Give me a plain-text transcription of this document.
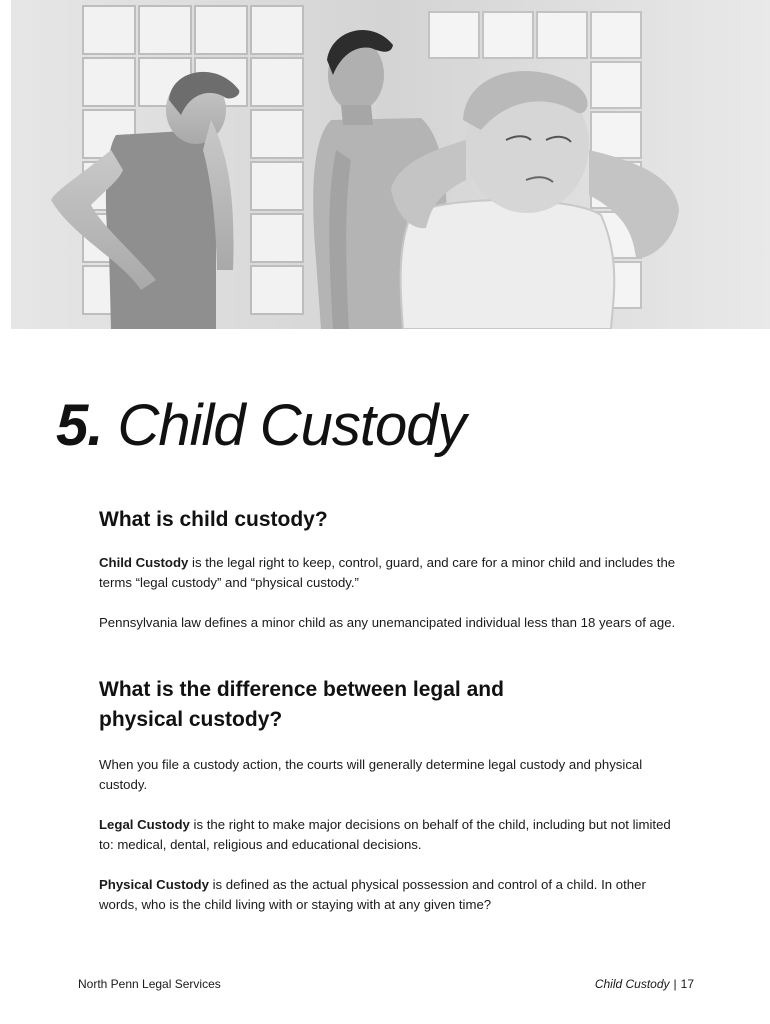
5. Child Custody
What is child custody?

Child Custody is the legal right to keep, control, guard, and care for a minor child and includes the terms “legal custody” and “physical custody.”

Pennsylvania law defines a minor child as any unemancipated individual less than 18 years of age.

What is the difference between legal and physical custody?

When you file a custody action, the courts will generally determine legal custody and physical custody.

Legal Custody is the right to make major decisions on behalf of the child, including but not limited to: medical, dental, religious and educational decisions.

Physical Custody is defined as the actual physical possession and control of a child. In other words, who is the child living with or staying with at any given time?

North Penn Legal Services	Child Custody | 17
